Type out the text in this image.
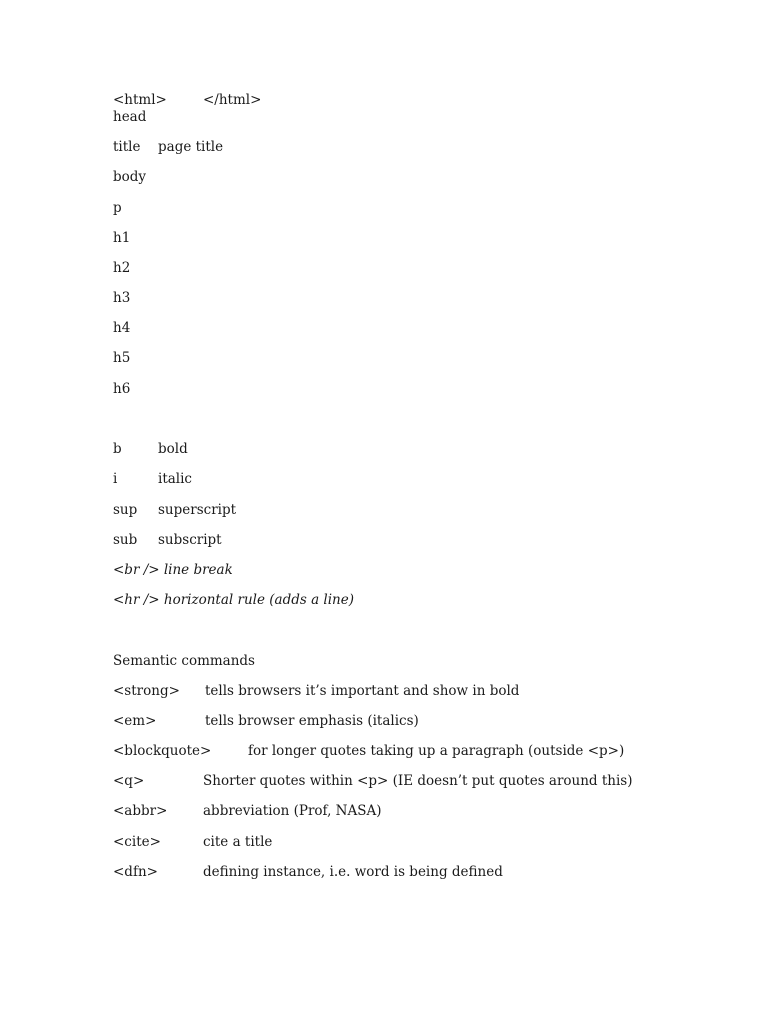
<html>	</html>
head
title page title
body
p
h1
h2
h3
h4
h5
h6
b	bold
i	italic
sup superscript
sub subscript
<br /> line break
<hr /> horizontal rule (adds a line)
Semantic commands
<strong> tells browsers it’s important and show in bold
<em>	tells browser emphasis (italics)
<blockquote>	for longer quotes taking up a paragraph (outside <p>)
<q>	Shorter quotes within <p> (IE doesn’t put quotes around this)
<abbr>	abbreviation (Prof, NASA)
<cite>	cite a title
<dfn>	defining instance, i.e. word is being defined
